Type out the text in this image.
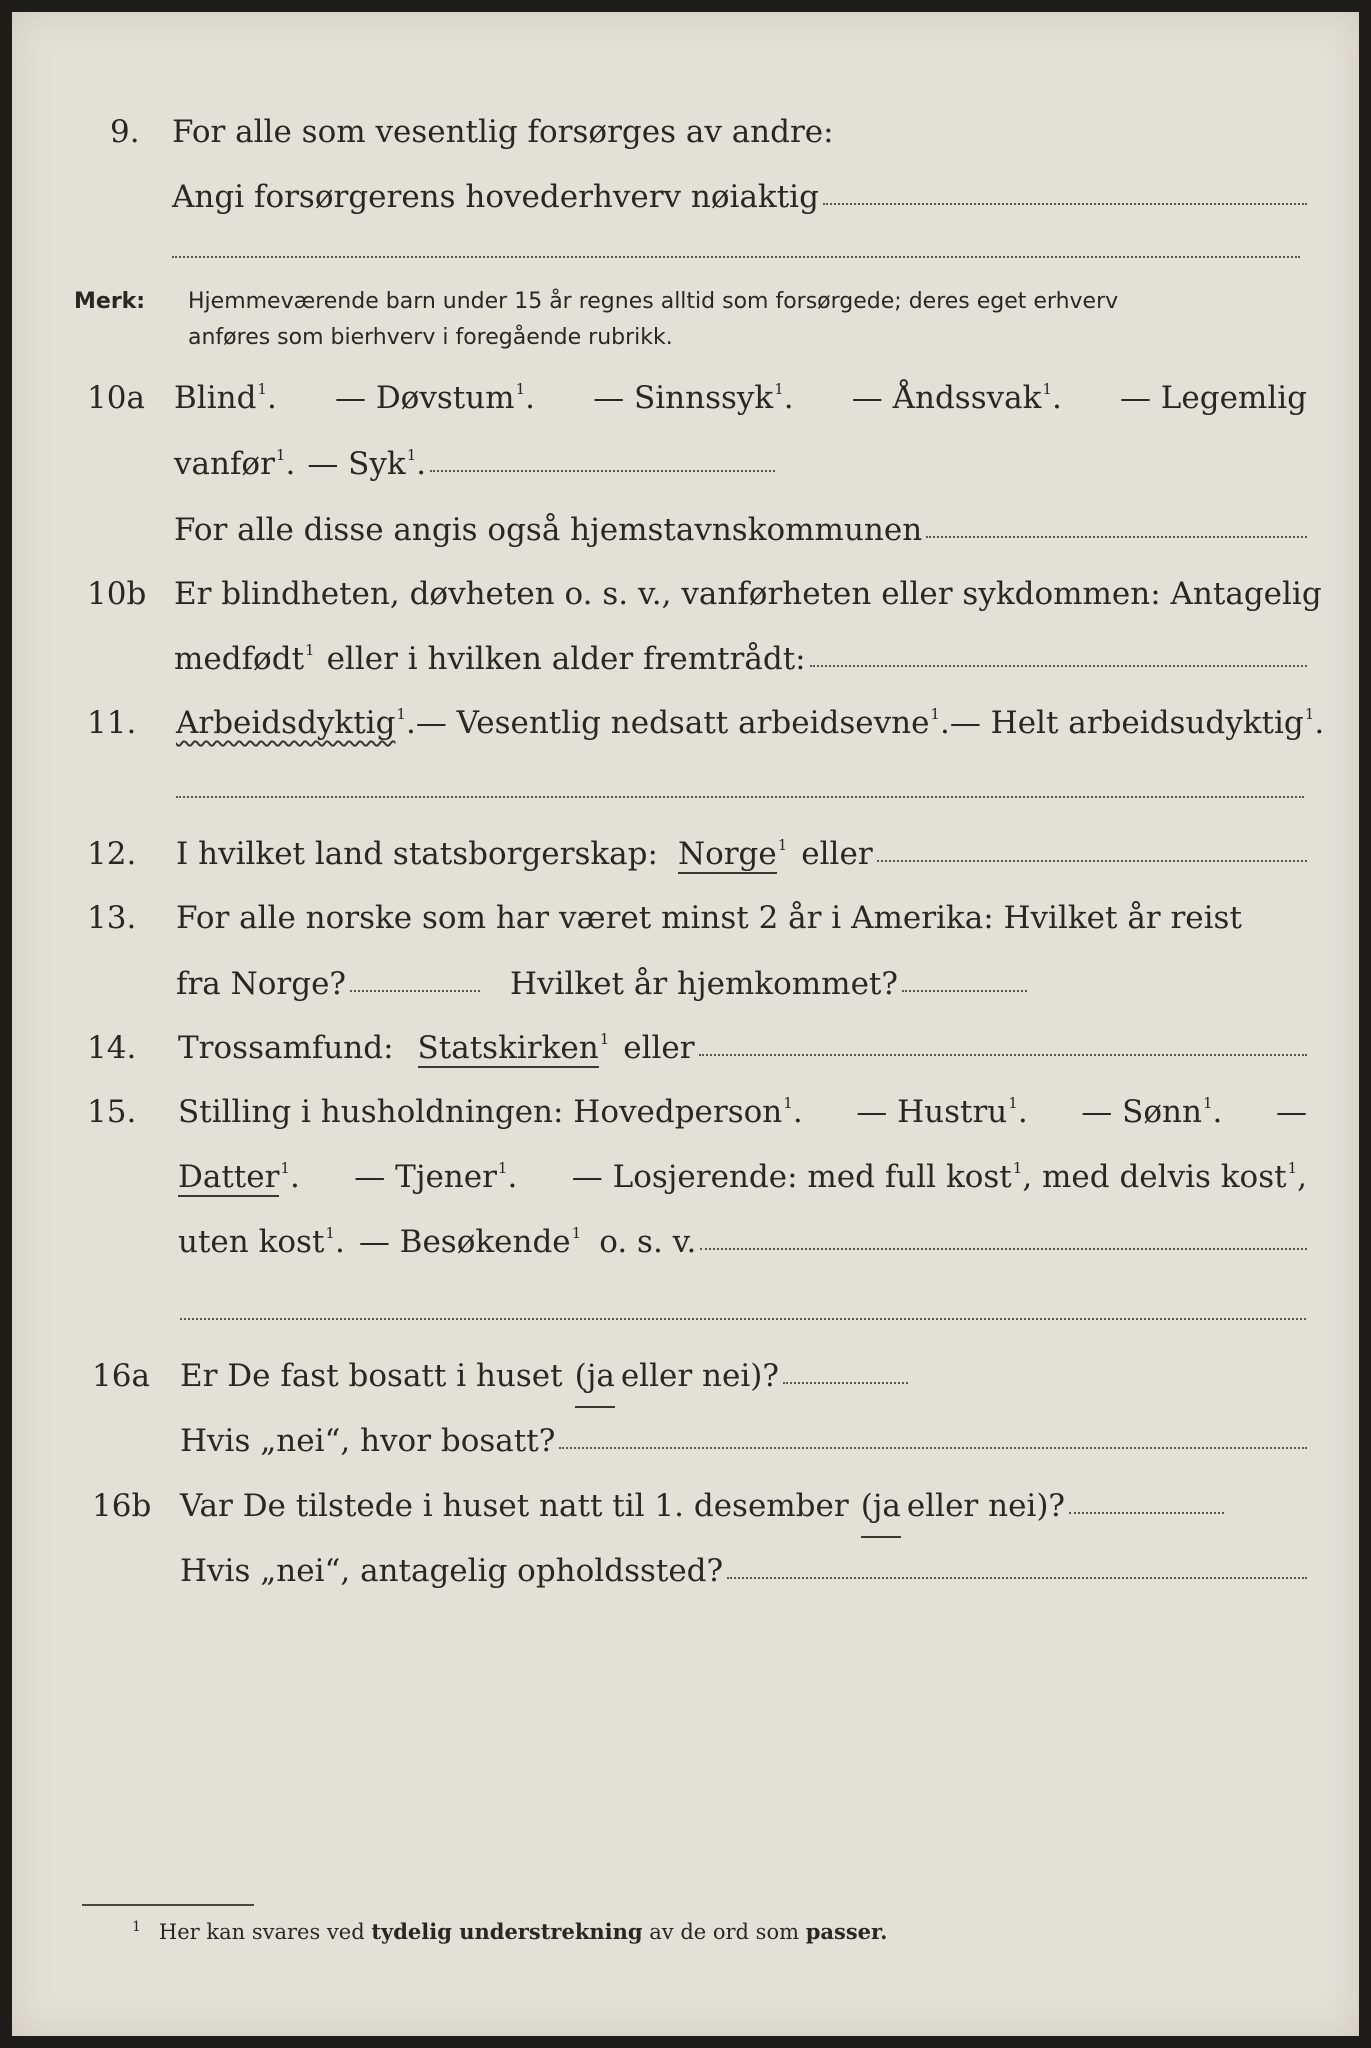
9. For alle som vesentlig forsørges av andre:
Angi forsørgerens hovederhverv nøiaktig
Merk: Hjemmeværende barn under 15 år regnes alltid som forsørgede; deres eget erhverv
anføres som bierhverv i foregående rubrikk.
10a Blind$^1$. — Døvstum$^1$. — Sinnssyk$^1$. — Åndssvak$^1$. — Legemlig
vanfør$^1$. — Syk$^1$.
For alle disse angis også hjemstavnskommunen
10b Er blindheten, døvheten o. s. v., vanførheten eller sykdommen: Antagelig
medfødt$^1$ eller i hvilken alder fremtrådt:
11. Arbeidsdyktig$^1$. — Vesentlig nedsatt arbeidsevne$^1$. — Helt arbeidsudyktig$^1$.
12. I hvilket land statsborgerskap: Norge$^1$ eller
13. For alle norske som har været minst 2 år i Amerika: Hvilket år reist
fra Norge?	Hvilket år hjemkommet?
14. Trossamfund: Statskirken$^1$ eller
15. Stilling i husholdningen: Hovedperson$^1$. — Hustru$^1$. — Sønn$^1$. —
Datter$^1$. — Tjener$^1$. — Losjerende: med full kost$^1$, med delvis kost$^1$,
uten kost$^1$. — Besøkende$^1$ o. s. v.
16a Er De fast bosatt i huset (ja eller nei)?
Hvis „nei“, hvor bosatt?
16b Var De tilstede i huset natt til 1. desember (ja eller nei)?
Hvis „nei“, antagelig opholdssted?
$^1$ Her kan svares ved tydelig understrekning av de ord som passer.
